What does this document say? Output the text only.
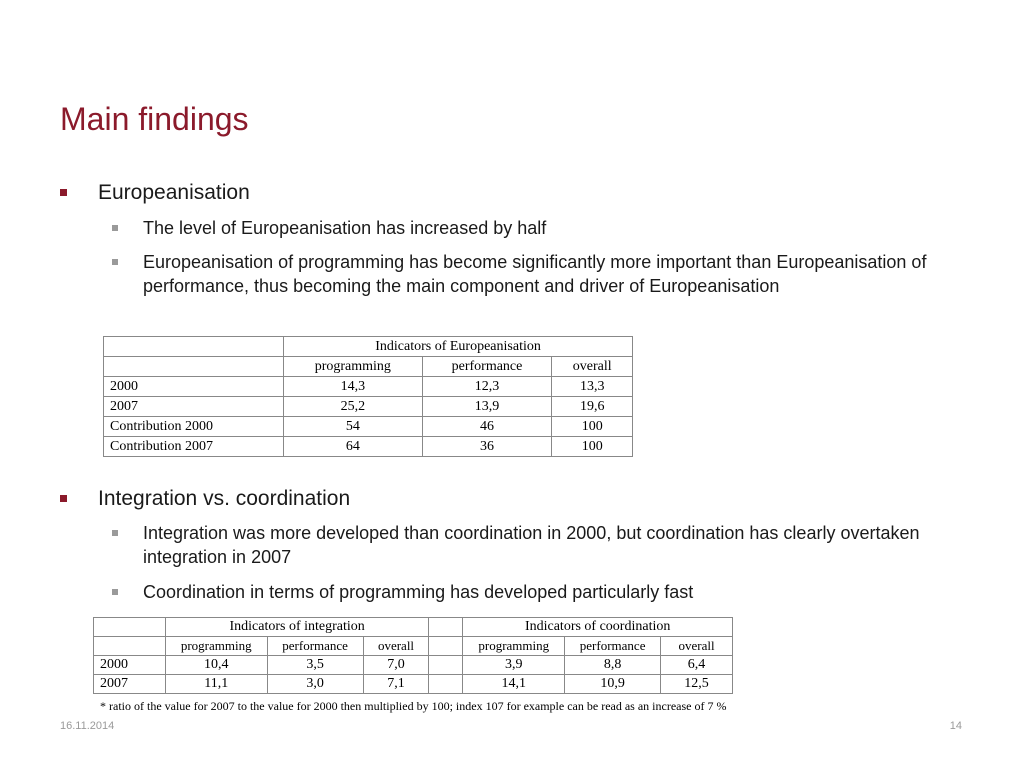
Main findings
Europeanisation
The level of Europeanisation has increased by half
Europeanisation of programming has become significantly more important than Europeanisation of performance, thus becoming the main component and driver of Europeanisation
	Indicators of Europeanisation		
	programming	performance	overall
2000	14,3	12,3	13,3
2007	25,2	13,9	19,6
Contribution 2000	54	46	100
Contribution 2007	64	36	100
Integration vs. coordination
Integration was more developed than coordination in 2000, but coordination has clearly overtaken integration in 2007
Coordination in terms of programming has developed particularly fast
	Indicators of integration				Indicators of coordination		
	programming	performance	overall		programming	performance	overall
2000	10,4	3,5	7,0		3,9	8,8	6,4
2007	11,1	3,0	7,1		14,1	10,9	12,5
* ratio of the value for 2007 to the value for 2000 then multiplied by 100; index 107 for example can be read as an increase of 7 %
16.11.2014	14
